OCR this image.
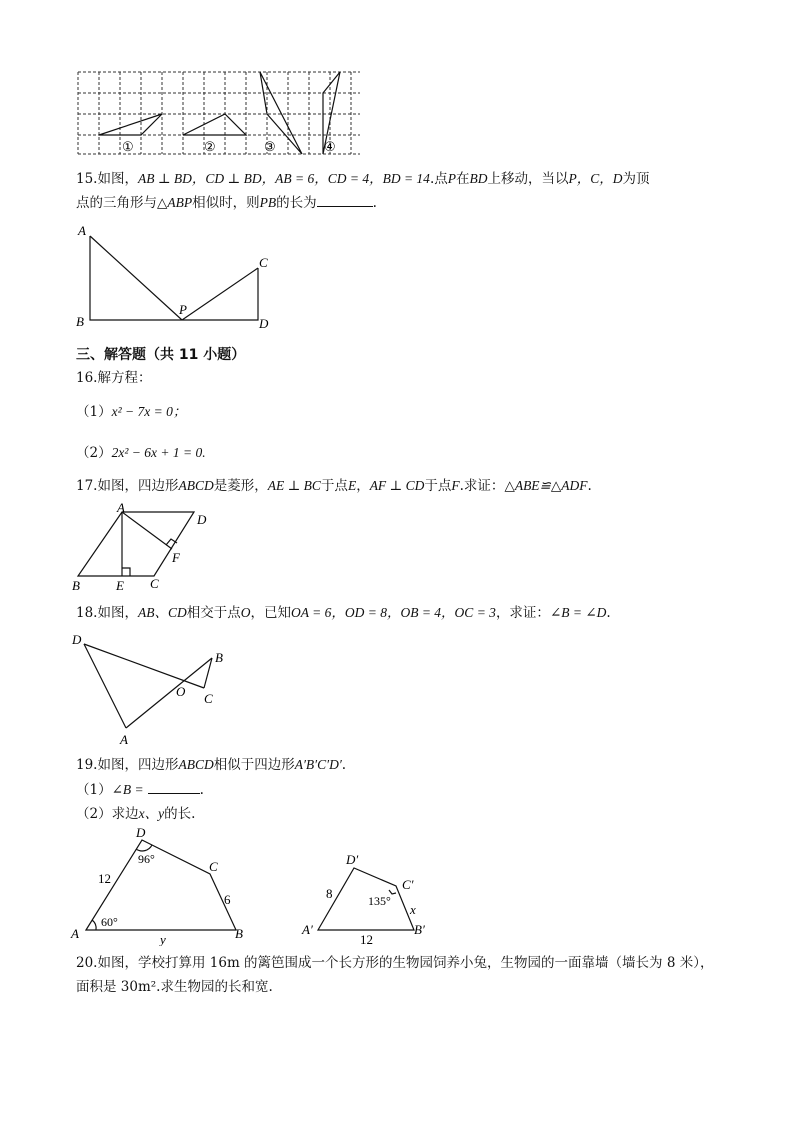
①	②	③	④
15.如图，AB ⊥ BD，CD ⊥ BD，AB = 6，CD = 4，BD = 14.点P在BD上移动，当以P，C，D为顶
点的三角形与△ABP相似时，则PB的长为	.
A
B
C
D
P
三、解答题（共 11 小题）
16.解方程：
（1）x² − 7x = 0；
（2）2x² − 6x + 1 = 0.
17.如图，四边形ABCD是菱形，AE ⊥ BC于点E，AF ⊥ CD于点F.求证：△ABE≌△ADF.
A
D
F
B	E C
18.如图，AB、CD相交于点O，已知OA = 6，OD = 8，OB = 4，OC = 3，求证：∠B = ∠D.
D
B
O C
A
19.如图，四边形ABCD相似于四边形A′B′C′D′.
（1）∠B =	.
（2）求边x、y的长.
D
C
A	B
96°
60°
12
6
y
D′
C′
A′	B′
8	135°
x
12
20.如图，学校打算用 16m 的篱笆围成一个长方形的生物园饲养小兔，生物园的一面靠墙（墙长为 8 米），
面积是 30m².求生物园的长和宽.
